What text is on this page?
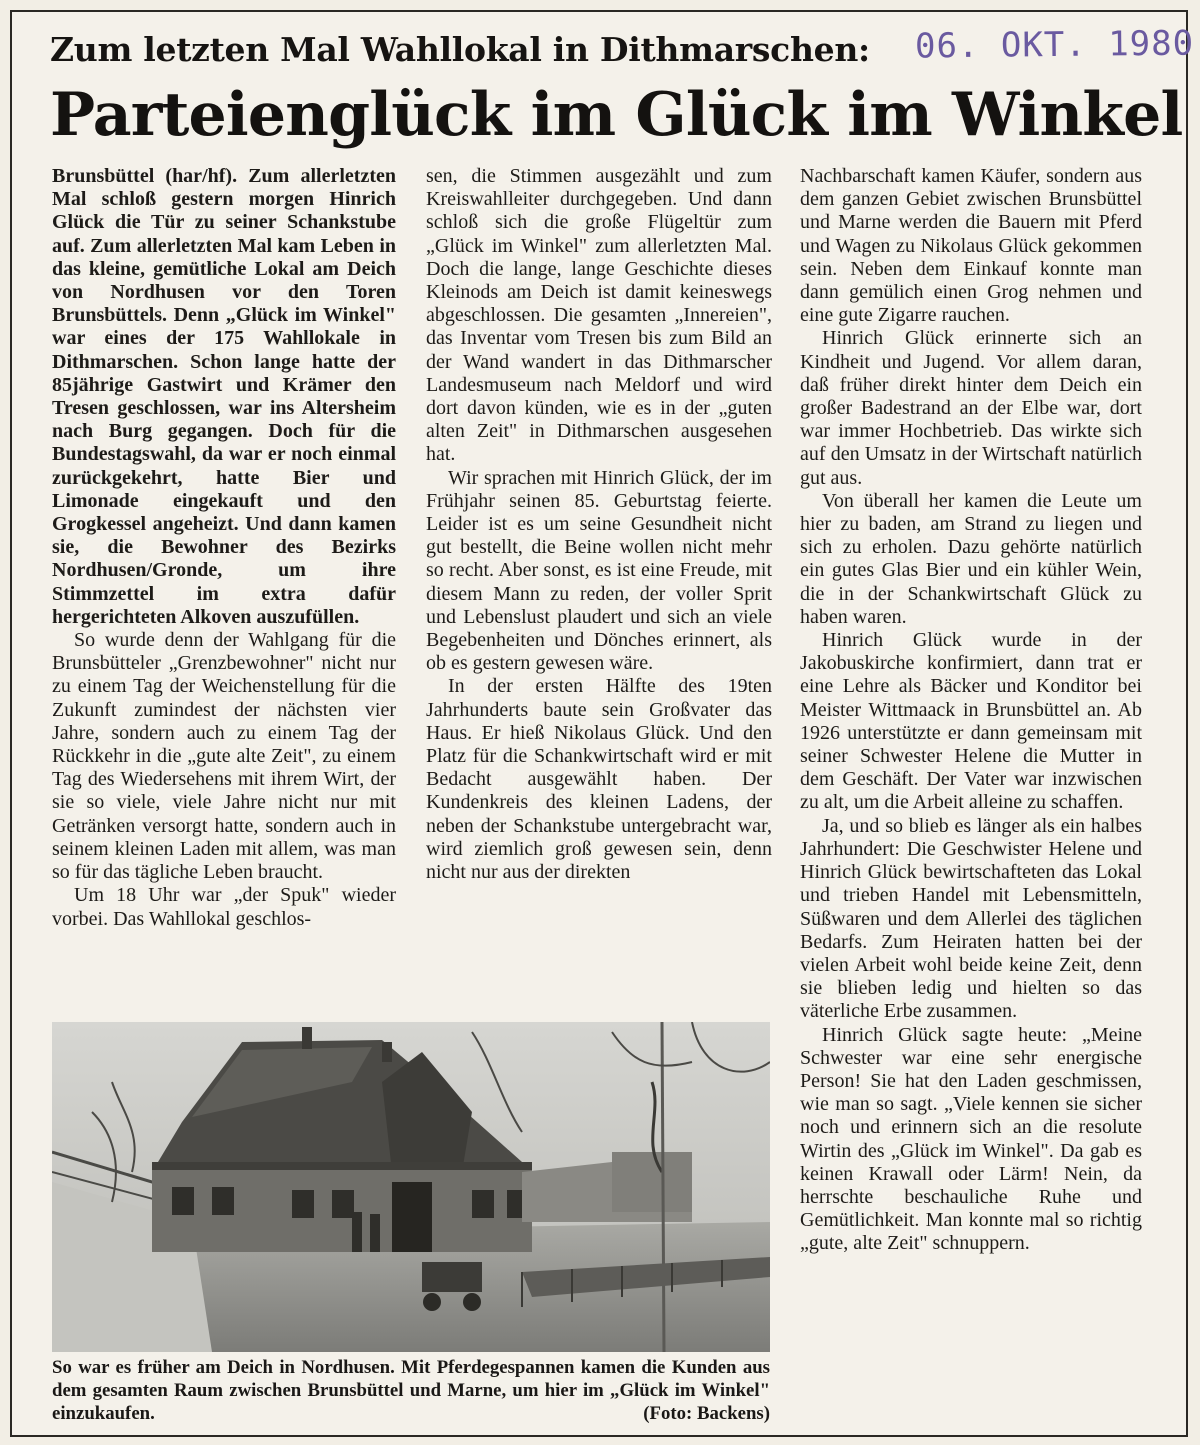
Zum letzten Mal Wahllokal in Dithmarschen: 06. OKT. 1980
Parteienglück im Glück im Winkel

Brunsbüttel (har/hf). Zum allerletzten Mal schloß gestern morgen Hinrich Glück die Tür zu seiner Schankstube auf. Zum allerletzten Mal kam Leben in das kleine, gemütliche Lokal am Deich von Nordhusen vor den Toren Brunsbüttels. Denn „Glück im Winkel" war eines der 175 Wahllokale in Dithmarschen. Schon lange hatte der 85jährige Gastwirt und Krämer den Tresen geschlossen, war ins Altersheim nach Burg gegangen. Doch für die Bundestagswahl, da war er noch einmal zurückgekehrt, hatte Bier und Limonade eingekauft und den Grogkessel angeheizt. Und dann kamen sie, die Bewohner des Bezirks Nordhusen/Gronde, um ihre Stimmzettel im extra dafür hergerichteten Alkoven auszufüllen.

So wurde denn der Wahlgang für die Brunsbütteler „Grenzbewohner" nicht nur zu einem Tag der Weichenstellung für die Zukunft zumindest der nächsten vier Jahre, sondern auch zu einem Tag der Rückkehr in die „gute alte Zeit", zu einem Tag des Wiedersehens mit ihrem Wirt, der sie so viele, viele Jahre nicht nur mit Getränken versorgt hatte, sondern auch in seinem kleinen Laden mit allem, was man so für das tägliche Leben braucht.

Um 18 Uhr war „der Spuk" wieder vorbei. Das Wahllokal geschlos-

sen, die Stimmen ausgezählt und zum Kreiswahlleiter durchgegeben. Und dann schloß sich die große Flügeltür zum „Glück im Winkel" zum allerletzten Mal. Doch die lange, lange Geschichte dieses Kleinods am Deich ist damit keineswegs abgeschlossen. Die gesamten „Innereien", das Inventar vom Tresen bis zum Bild an der Wand wandert in das Dithmarscher Landesmuseum nach Meldorf und wird dort davon künden, wie es in der „guten alten Zeit" in Dithmarschen ausgesehen hat.

Wir sprachen mit Hinrich Glück, der im Frühjahr seinen 85. Geburtstag feierte. Leider ist es um seine Gesundheit nicht gut bestellt, die Beine wollen nicht mehr so recht. Aber sonst, es ist eine Freude, mit diesem Mann zu reden, der voller Sprit und Lebenslust plaudert und sich an viele Begebenheiten und Dönches erinnert, als ob es gestern gewesen wäre.

In der ersten Hälfte des 19ten Jahrhunderts baute sein Großvater das Haus. Er hieß Nikolaus Glück. Und den Platz für die Schankwirtschaft wird er mit Bedacht ausgewählt haben. Der Kundenkreis des kleinen Ladens, der neben der Schankstube untergebracht war, wird ziemlich groß gewesen sein, denn nicht nur aus der direkten

Nachbarschaft kamen Käufer, sondern aus dem ganzen Gebiet zwischen Brunsbüttel und Marne werden die Bauern mit Pferd und Wagen zu Nikolaus Glück gekommen sein. Neben dem Einkauf konnte man dann gemülich einen Grog nehmen und eine gute Zigarre rauchen.

Hinrich Glück erinnerte sich an Kindheit und Jugend. Vor allem daran, daß früher direkt hinter dem Deich ein großer Badestrand an der Elbe war, dort war immer Hochbetrieb. Das wirkte sich auf den Umsatz in der Wirtschaft natürlich gut aus.

Von überall her kamen die Leute um hier zu baden, am Strand zu liegen und sich zu erholen. Dazu gehörte natürlich ein gutes Glas Bier und ein kühler Wein, die in der Schankwirtschaft Glück zu haben waren.

Hinrich Glück wurde in der Jakobuskirche konfirmiert, dann trat er eine Lehre als Bäcker und Konditor bei Meister Wittmaack in Brunsbüttel an. Ab 1926 unterstützte er dann gemeinsam mit seiner Schwester Helene die Mutter in dem Geschäft. Der Vater war inzwischen zu alt, um die Arbeit alleine zu schaffen.

Ja, und so blieb es länger als ein halbes Jahrhundert: Die Geschwister Helene und Hinrich Glück bewirtschafteten das Lokal und trieben Handel mit Lebensmitteln, Süßwaren und dem Allerlei des täglichen Bedarfs. Zum Heiraten hatten bei der vielen Arbeit wohl beide keine Zeit, denn sie blieben ledig und hielten so das väterliche Erbe zusammen.

Hinrich Glück sagte heute: „Meine Schwester war eine sehr energische Person! Sie hat den Laden geschmissen, wie man so sagt. „Viele kennen sie sicher noch und erinnern sich an die resolute Wirtin des „Glück im Winkel". Da gab es keinen Krawall oder Lärm! Nein, da herrschte beschauliche Ruhe und Gemütlichkeit. Man konnte mal so richtig „gute, alte Zeit" schnuppern.

So war es früher am Deich in Nordhusen. Mit Pferdegespannen kamen die Kunden aus dem gesamten Raum zwischen Brunsbüttel und Marne, um hier im „Glück im Winkel" einzukaufen.	(Foto: Backens)
